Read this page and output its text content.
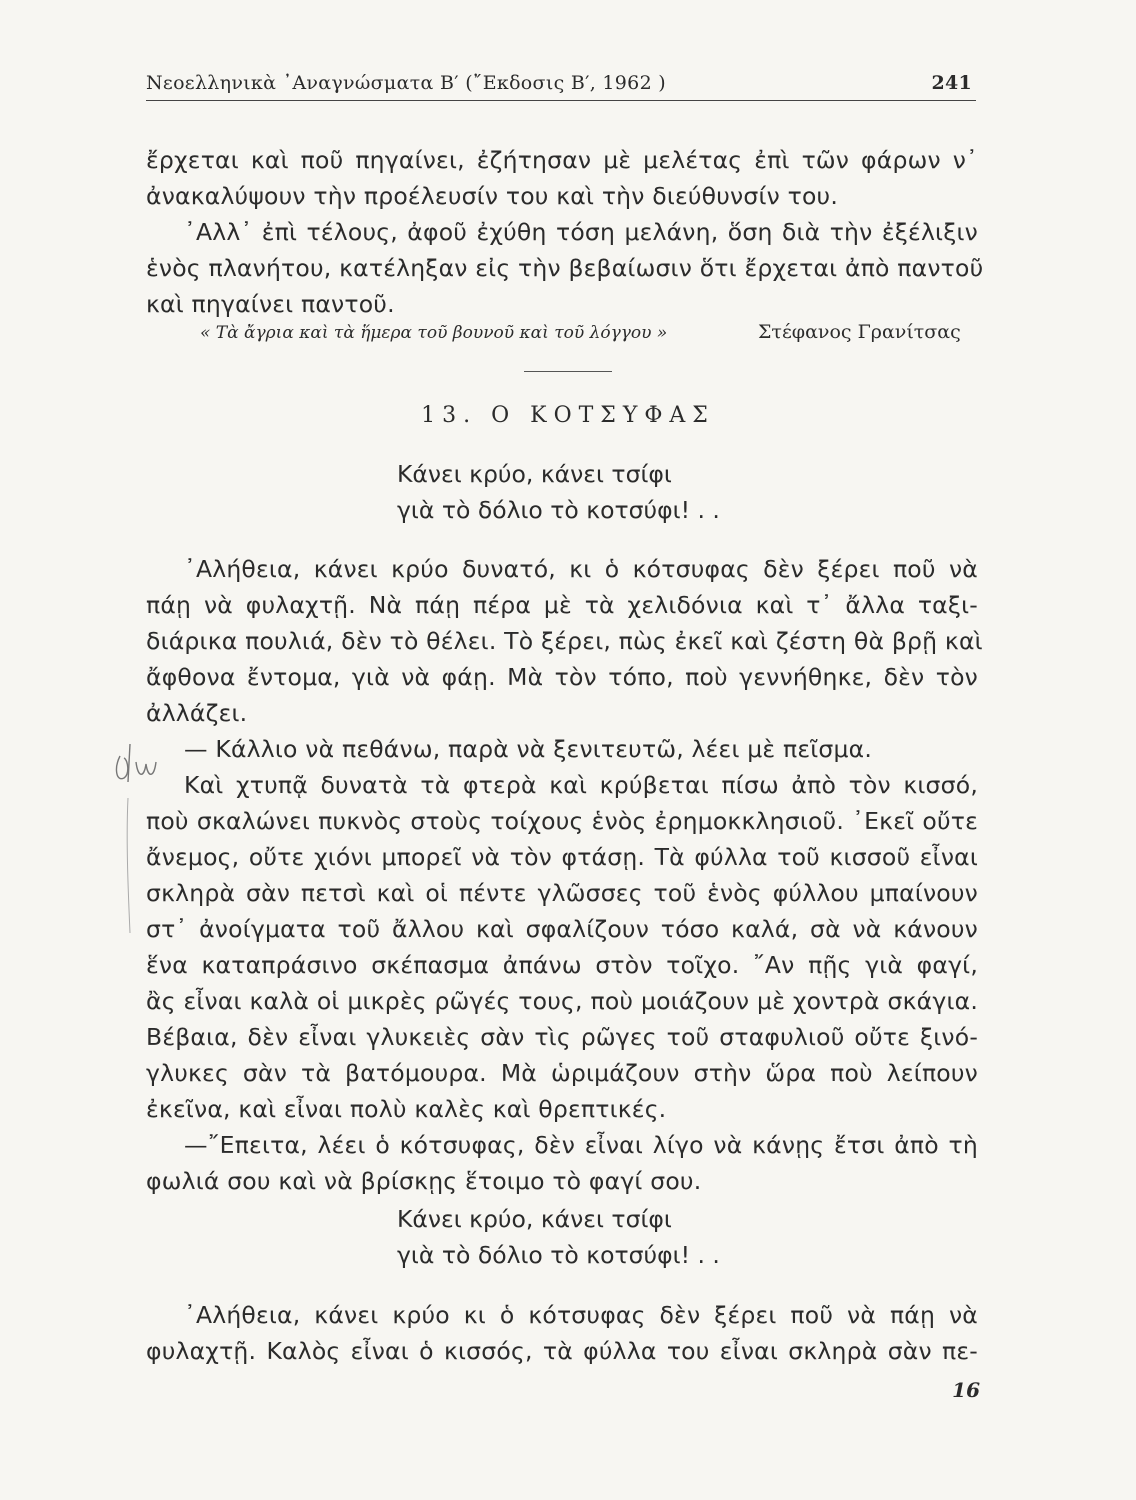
Νεοελληνικὰ ᾿Αναγνώσματα Β′ (῎Εκδοσις Β′, 1962 )	241
ἔρχεται καὶ ποῦ πηγαίνει, ἐζήτησαν μὲ μελέτας ἐπὶ τῶν φάρων ν᾿
ἀνακαλύψουν τὴν προέλευσίν του καὶ τὴν διεύθυνσίν του.
᾿Αλλ᾿ ἐπὶ τέλους, ἀφοῦ ἐχύθη τόση μελάνη, ὅση διὰ τὴν ἐξέλιξιν
ἑνὸς πλανήτου, κατέληξαν εἰς τὴν βεβαίωσιν ὅτι ἔρχεται ἀπὸ παντοῦ
καὶ πηγαίνει παντοῦ.
« Τὰ ἄγρια καὶ τὰ ἥμερα τοῦ βουνοῦ καὶ τοῦ λόγγου »	Στέφανος Γρανίτσας
13. Ο ΚΟΤΣΥΦΑΣ
Κάνει κρύο, κάνει τσίφι
γιὰ τὸ δόλιο τὸ κοτσύφι! . .
᾿Αλήθεια, κάνει κρύο δυνατό, κι ὁ κότσυφας δὲν ξέρει ποῦ νὰ
πάῃ νὰ φυλαχτῇ. Νὰ πάῃ πέρα μὲ τὰ χελιδόνια καὶ τ᾿ ἄλλα ταξι-
διάρικα πουλιά, δὲν τὸ θέλει. Τὸ ξέρει, πὼς ἐκεῖ καὶ ζέστη θὰ βρῇ καὶ
ἄφθονα ἔντομα, γιὰ νὰ φάῃ. Μὰ τὸν τόπο, ποὺ γεννήθηκε, δὲν τὸν
ἀλλάζει.
— Κάλλιο νὰ πεθάνω, παρὰ νὰ ξενιτευτῶ, λέει μὲ πεῖσμα.
Καὶ χτυπᾷ δυνατὰ τὰ φτερὰ καὶ κρύβεται πίσω ἀπὸ τὸν κισσό,
ποὺ σκαλώνει πυκνὸς στοὺς τοίχους ἑνὸς ἐρημοκκλησιοῦ. ᾿Εκεῖ οὔτε
ἄνεμος, οὔτε χιόνι μπορεῖ νὰ τὸν φτάσῃ. Τὰ φύλλα τοῦ κισσοῦ εἶναι
σκληρὰ σὰν πετσὶ καὶ οἱ πέντε γλῶσσες τοῦ ἑνὸς φύλλου μπαίνουν
στ᾿ ἀνοίγματα τοῦ ἄλλου καὶ σφαλίζουν τόσο καλά, σὰ νὰ κάνουν
ἕνα καταπράσινο σκέπασμα ἀπάνω στὸν τοῖχο. ῎Αν πῇς γιὰ φαγί,
ἂς εἶναι καλὰ οἱ μικρὲς ρῶγές τους, ποὺ μοιάζουν μὲ χοντρὰ σκάγια.
Βέβαια, δὲν εἶναι γλυκειὲς σὰν τὶς ρῶγες τοῦ σταφυλιοῦ οὔτε ξινό-
γλυκες σὰν τὰ βατόμουρα. Μὰ ὡριμάζουν στὴν ὥρα ποὺ λείπουν
ἐκεῖνα, καὶ εἶναι πολὺ καλὲς καὶ θρεπτικές.
—῎Επειτα, λέει ὁ κότσυφας, δὲν εἶναι λίγο νὰ κάνῃς ἔτσι ἀπὸ τὴ
φωλιά σου καὶ νὰ βρίσκῃς ἕτοιμο τὸ φαγί σου.
Κάνει κρύο, κάνει τσίφι
γιὰ τὸ δόλιο τὸ κοτσύφι! . .
᾿Αλήθεια, κάνει κρύο κι ὁ κότσυφας δὲν ξέρει ποῦ νὰ πάῃ νὰ
φυλαχτῇ. Καλὸς εἶναι ὁ κισσός, τὰ φύλλα του εἶναι σκληρὰ σὰν πε-
16
